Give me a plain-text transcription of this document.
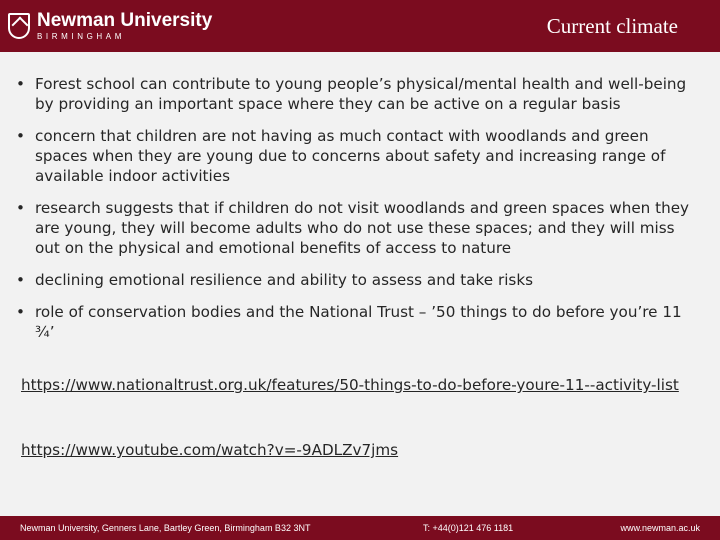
Newman University
BIRMINGHAM	Current climate
• Forest school can contribute to young people’s physical/mental health and well-being by providing an important space where they can be active on a regular basis
• concern that children are not having as much contact with woodlands and green spaces when they are young due to concerns about safety and increasing range of available indoor activities
• research suggests that if children do not visit woodlands and green spaces when they are young, they will become adults who do not use these spaces; and they will miss out on the physical and emotional benefits of access to nature
• declining emotional resilience and ability to assess and take risks
• role of conservation bodies and the National Trust – ’50 things to do before you’re 11 ¾’
https://www.nationaltrust.org.uk/features/50-things-to-do-before-youre-11--activity-list
https://www.youtube.com/watch?v=-9ADLZv7jms
Newman University, Genners Lane, Bartley Green, Birmingham B32 3NT	T: +44(0)121 476 1181	www.newman.ac.uk
